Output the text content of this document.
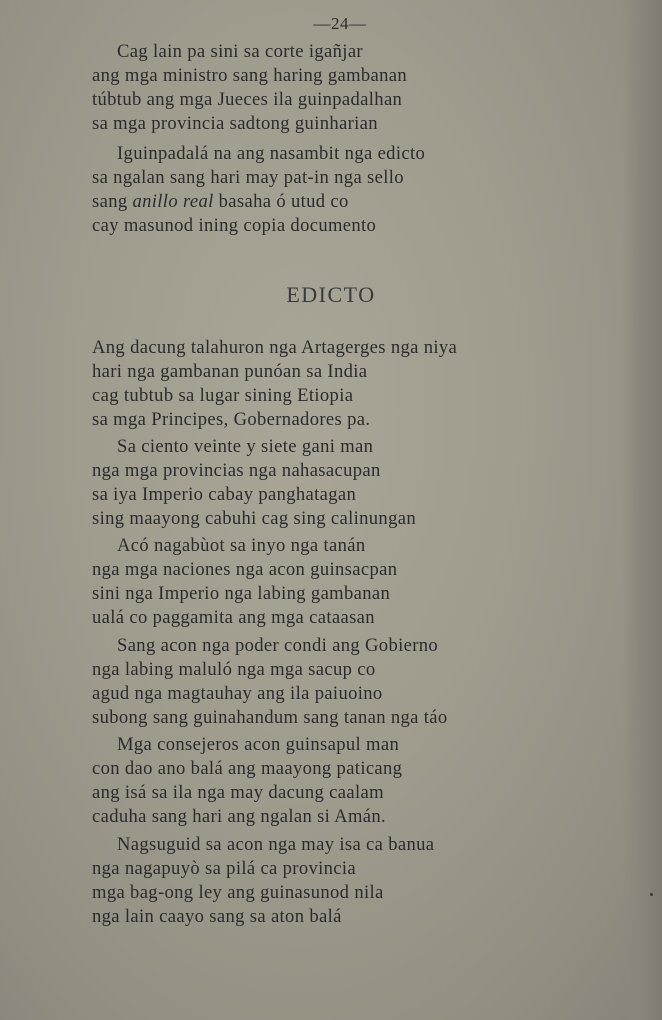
—24—
Cag lain pa sini sa corte igañjar
ang mga ministro sang haring gambanan
túbtub ang mga Jueces ila guinpadalhan
sa mga provincia sadtong guinharian
Iguinpadalá na ang nasambit nga edicto
sa ngalan sang hari may pat-in nga sello
sang anillo real basaha ó utud co
cay masunod ining copia documento
EDICTO
Ang dacung talahuron nga Artagerges nga niya
hari nga gambanan punóan sa India
cag tubtub sa lugar sining Etiopia
sa mga Principes, Gobernadores pa.
Sa ciento veinte y siete gani man
nga mga provincias nga nahasacupan
sa iya Imperio cabay panghatagan
sing maayong cabuhi cag sing calinungan
Acó nagabùot sa inyo nga tanán
nga mga naciones nga acon guinsacpan
sini nga Imperio nga labing gambanan
ualá co paggamita ang mga cataasan
Sang acon nga poder condi ang Gobierno
nga labing maluló nga mga sacup co
agud nga magtauhay ang ila paiuoino
subong sang guinahandum sang tanan nga táo
Mga consejeros acon guinsapul man
con dao ano balá ang maayong paticang
ang isá sa ila nga may dacung caalam
caduha sang hari ang ngalan si Amán.
Nagsuguid sa acon nga may isa ca banua
nga nagapuyò sa pilá ca provincia
mga bag-ong ley ang guinasunod nila
nga lain caayo sang sa aton balá
